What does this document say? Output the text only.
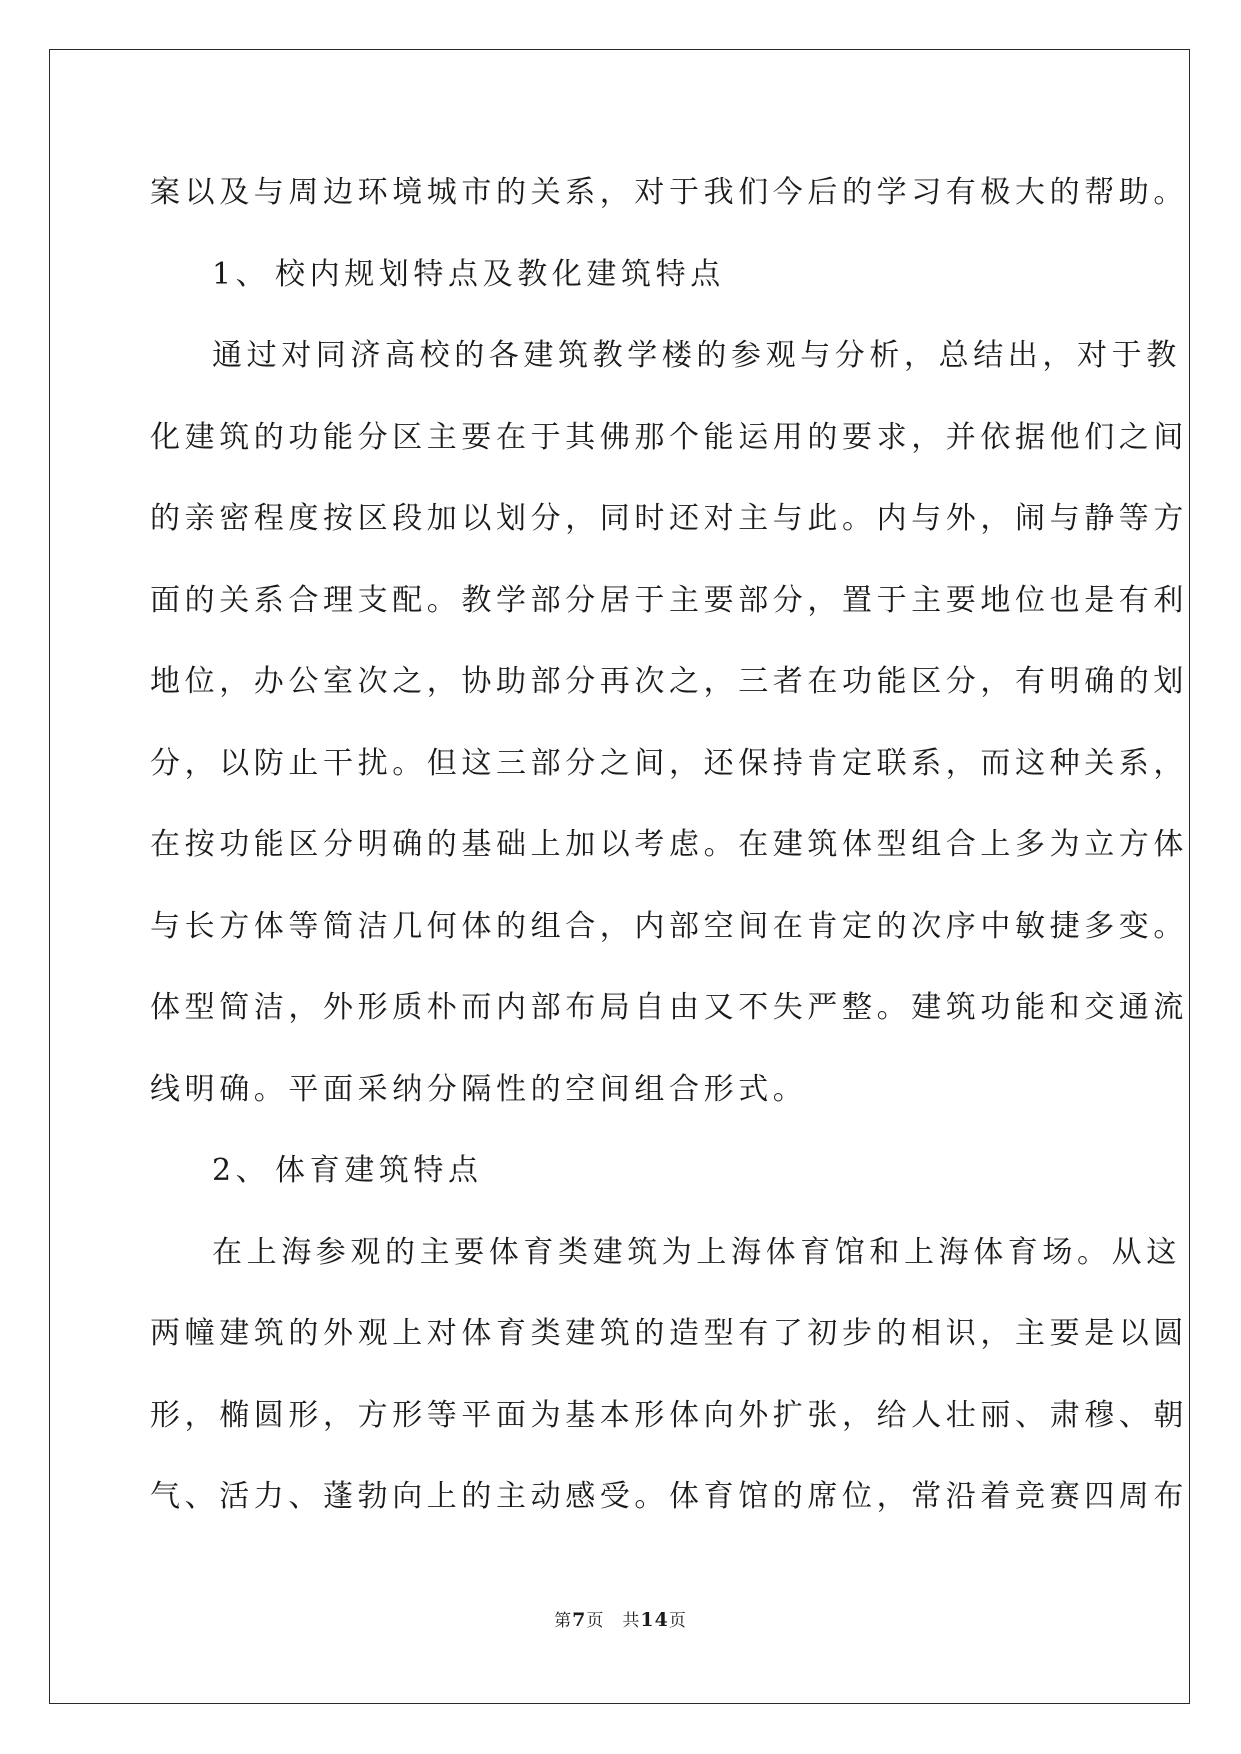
案以及与周边环境城市的关系，对于我们今后的学习有极大的帮助。
1、 校内规划特点及教化建筑特点
通过对同济高校的各建筑教学楼的参观与分析，总结出，对于教
化建筑的功能分区主要在于其佛那个能运用的要求，并依据他们之间
的亲密程度按区段加以划分，同时还对主与此。内与外，闹与静等方
面的关系合理支配。教学部分居于主要部分，置于主要地位也是有利
地位，办公室次之，协助部分再次之，三者在功能区分，有明确的划
分，以防止干扰。但这三部分之间，还保持肯定联系，而这种关系，
在按功能区分明确的基础上加以考虑。在建筑体型组合上多为立方体
与长方体等简洁几何体的组合，内部空间在肯定的次序中敏捷多变。
体型简洁，外形质朴而内部布局自由又不失严整。建筑功能和交通流
线明确。平面采纳分隔性的空间组合形式。
2、 体育建筑特点
在上海参观的主要体育类建筑为上海体育馆和上海体育场。从这
两幢建筑的外观上对体育类建筑的造型有了初步的相识，主要是以圆
形，椭圆形，方形等平面为基本形体向外扩张，给人壮丽、肃穆、朝
气、活力、蓬勃向上的主动感受。体育馆的席位，常沿着竞赛四周布
第7页 共14页
